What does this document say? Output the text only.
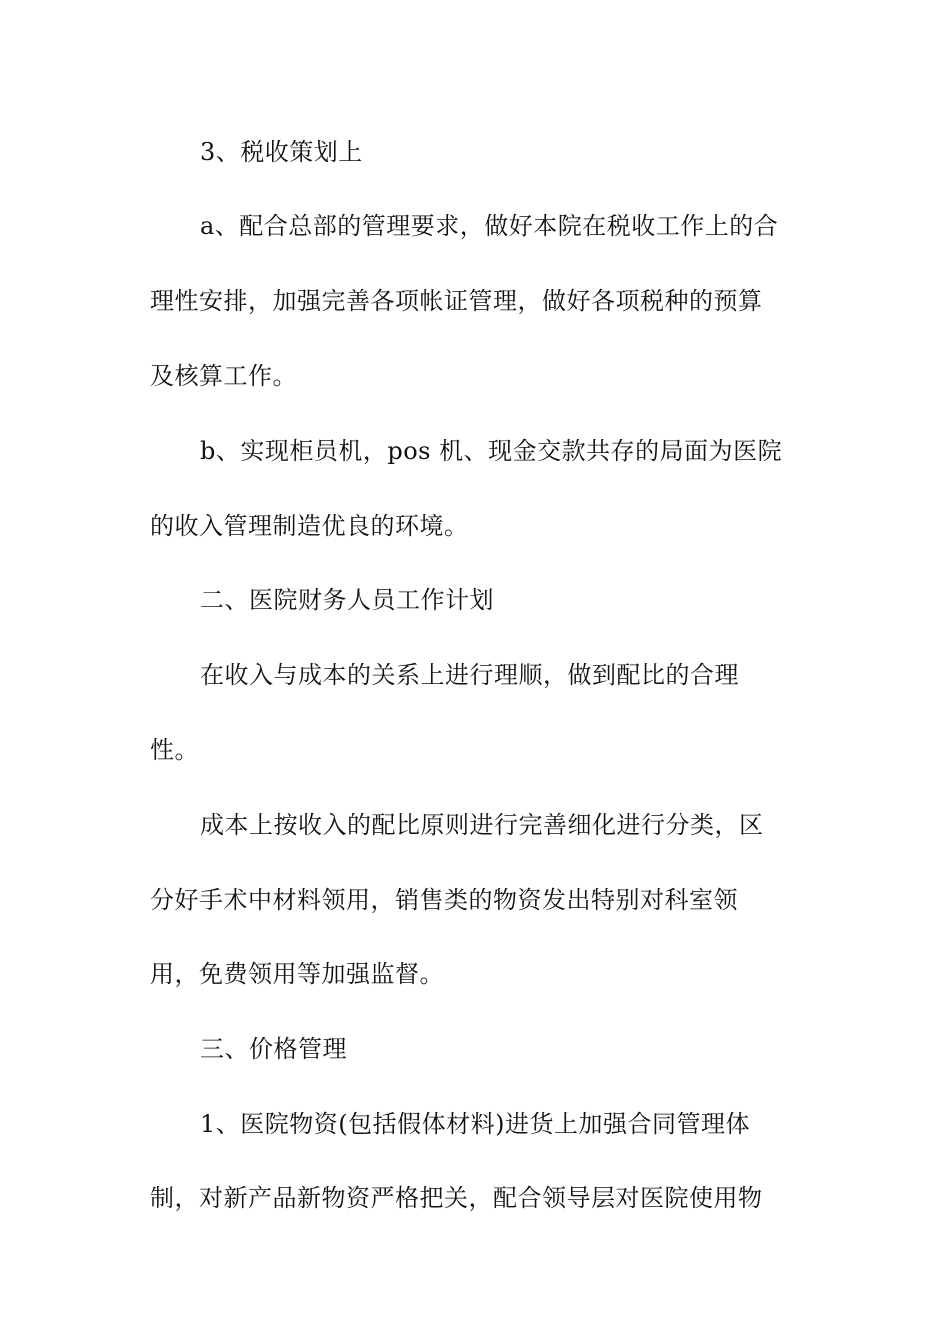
3、税收策划上
a、配合总部的管理要求，做好本院在税收工作上的合
理性安排，加强完善各项帐证管理，做好各项税种的预算
及核算工作。
b、实现柜员机，pos 机、现金交款共存的局面为医院
的收入管理制造优良的环境。
二、医院财务人员工作计划
在收入与成本的关系上进行理顺，做到配比的合理
性。
成本上按收入的配比原则进行完善细化进行分类，区
分好手术中材料领用，销售类的物资发出特别对科室领
用，免费领用等加强监督。
三、价格管理
1、医院物资(包括假体材料)进货上加强合同管理体
制，对新产品新物资严格把关，配合领导层对医院使用物
